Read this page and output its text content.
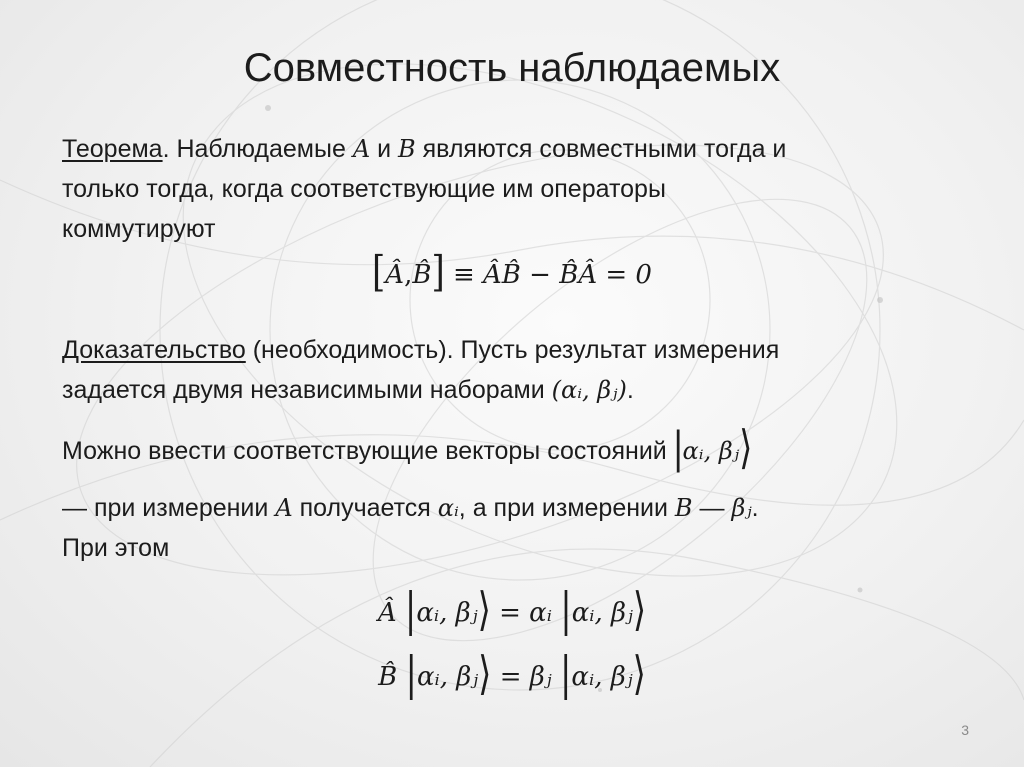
Совместность наблюдаемых
Теорема. Наблюдаемые A и B являются совместными тогда и
только тогда, когда соответствующие им операторы
коммутируют
[Â,B̂] ≡ ÂB̂ − B̂Â = 0
Доказательство (необходимость). Пусть результат измерения
задается двумя независимыми наборами (αᵢ, βⱼ).
Можно ввести соответствующие векторы состояний |αᵢ, βⱼ⟩
— при измерении A получается αᵢ, а при измерении B — βⱼ.
При этом
Â |αᵢ, βⱼ⟩ = αᵢ |αᵢ, βⱼ⟩
B̂ |αᵢ, βⱼ⟩ = βⱼ |αᵢ, βⱼ⟩
3
